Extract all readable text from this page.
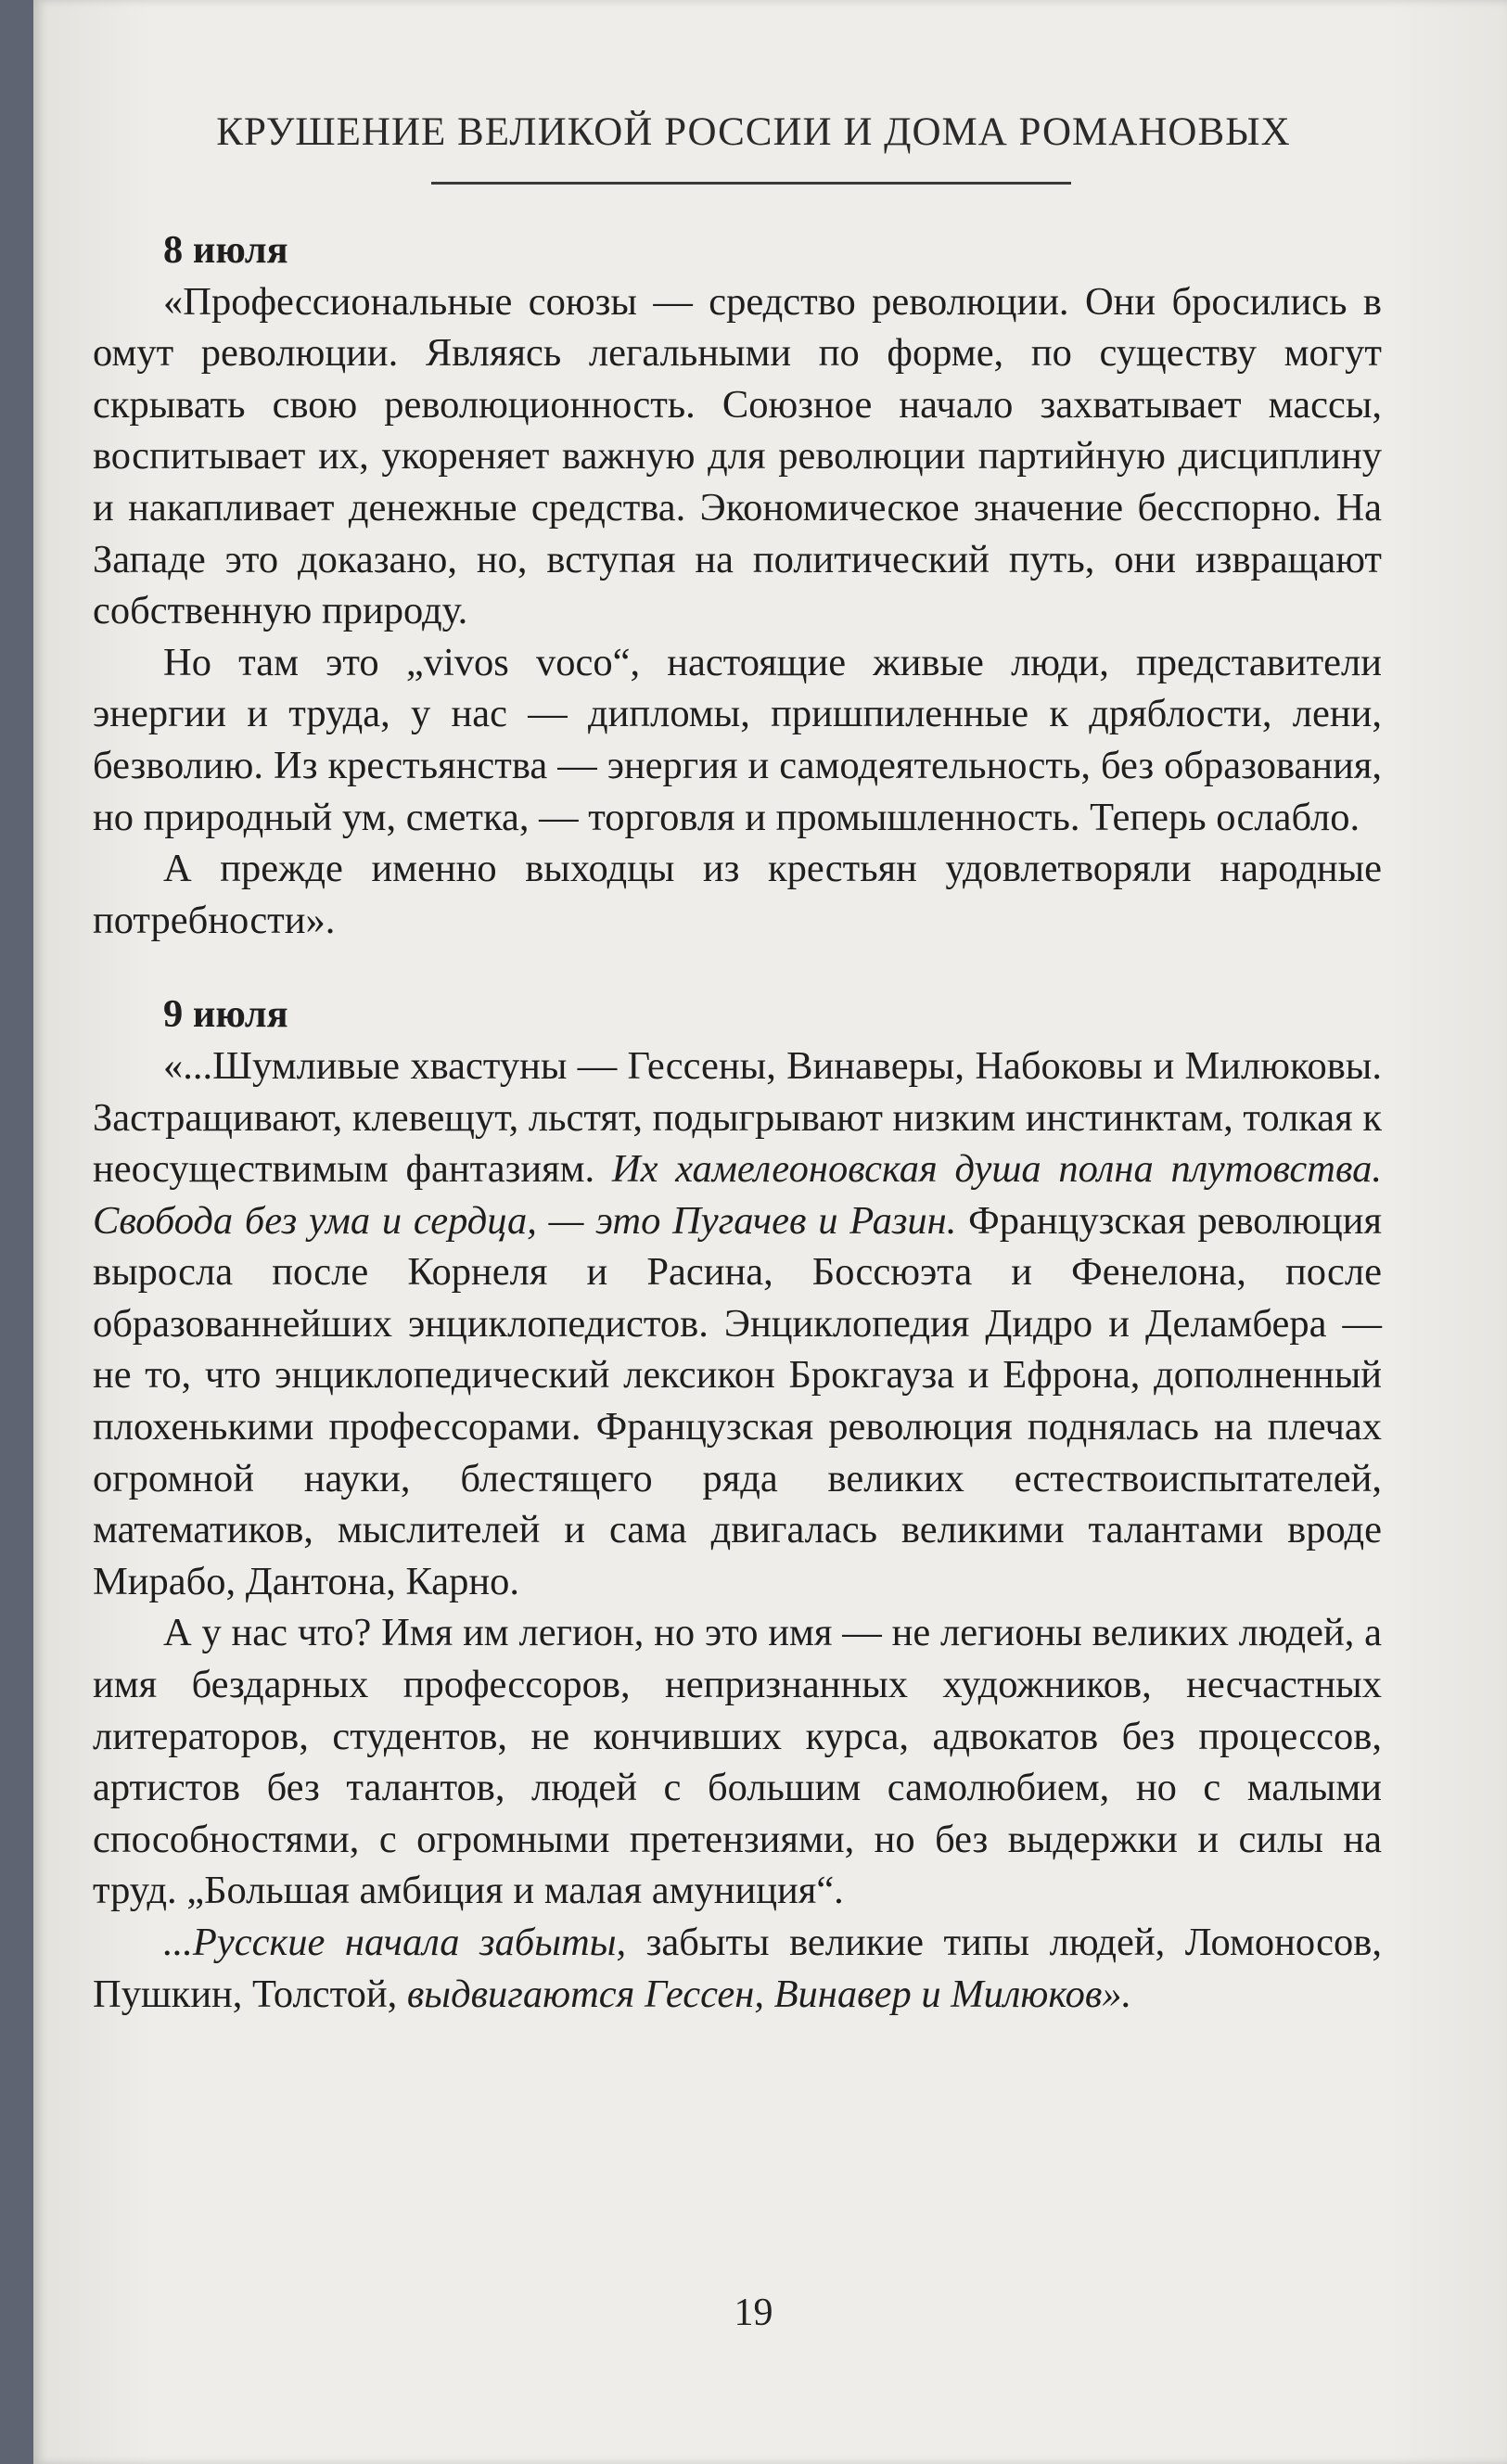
КРУШЕНИЕ ВЕЛИКОЙ РОССИИ И ДОМА РОМАНОВЫХ
8 июля

«Профессиональные союзы — средство революции. Они бросились в омут революции. Являясь легальными по форме, по существу могут скрывать свою революционность. Союзное начало захватывает массы, воспитывает их, укореняет важную для революции партийную дисциплину и накапливает денежные средства. Экономическое значение бесспорно. На Западе это доказано, но, вступая на политический путь, они извращают собственную природу.

Но там это „vivos voco“, настоящие живые люди, представители энергии и труда, у нас — дипломы, пришпиленные к дряблости, лени, безволию. Из крестьянства — энергия и самодеятельность, без образования, но природный ум, сметка, — торговля и промышленность. Теперь ослабло.

А прежде именно выходцы из крестьян удовлетворяли народные потребности».

9 июля

«...Шумливые хвастуны — Гессены, Винаверы, Набоковы и Милюковы. Застращивают, клевещут, льстят, подыгрывают низким инстинктам, толкая к неосуществимым фантазиям. Их хамелеоновская душа полна плутовства. Свобода без ума и сердца, — это Пугачев и Разин. Французская революция выросла после Корнеля и Расина, Боссюэта и Фенелона, после образованнейших энциклопедистов. Энциклопедия Дидро и Деламбера — не то, что энциклопедический лексикон Брокгауза и Ефрона, дополненный плохенькими профессорами. Французская революция поднялась на плечах огромной науки, блестящего ряда великих естествоиспытателей, математиков, мыслителей и сама двигалась великими талантами вроде Мирабо, Дантона, Карно.

А у нас что? Имя им легион, но это имя — не легионы великих людей, а имя бездарных профессоров, непризнанных художников, несчастных литераторов, студентов, не кончивших курса, адвокатов без процессов, артистов без талантов, людей с большим самолюбием, но с малыми способностями, с огромными претензиями, но без выдержки и силы на труд. „Большая амбиция и малая амуниция“.

...Русские начала забыты, забыты великие типы людей, Ломоносов, Пушкин, Толстой, выдвигаются Гессен, Винавер и Милюков».

19
